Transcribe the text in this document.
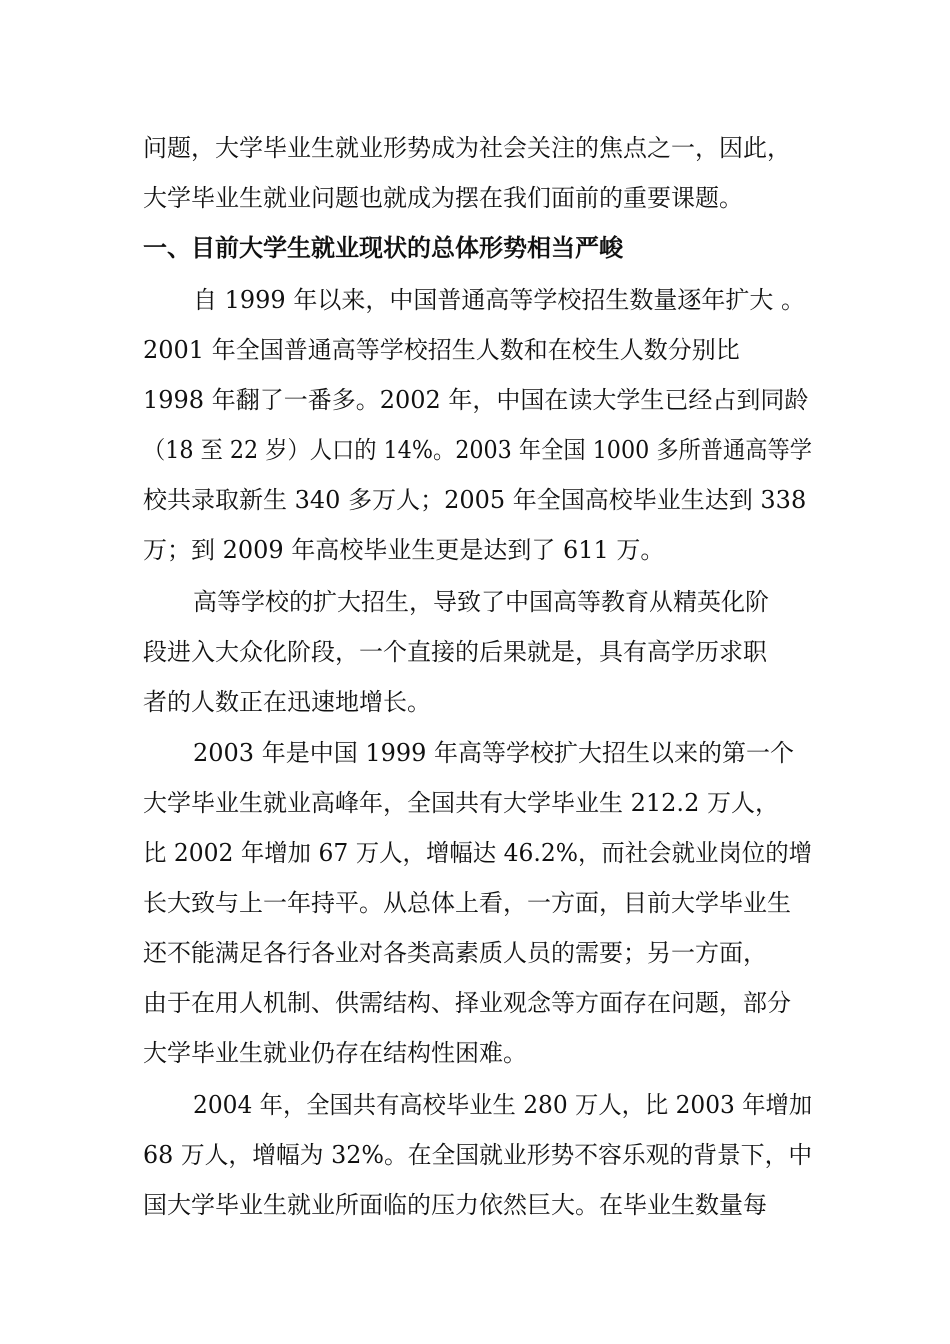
问题，大学毕业生就业形势成为社会关注的焦点之一，因此，

大学毕业生就业问题也就成为摆在我们面前的重要课题。

一、目前大学生就业现状的总体形势相当严峻

自 1999 年以来，中国普通高等学校招生数量逐年扩大 。

2001 年全国普通高等学校招生人数和在校生人数分别比

1998 年翻了一番多。2002 年，中国在读大学生已经占到同龄

（18 至 22 岁）人口的 14%。2003 年全国 1000 多所普通高等学

校共录取新生 340 多万人；2005 年全国高校毕业生达到 338

万；到 2009 年高校毕业生更是达到了 611 万。

高等学校的扩大招生，导致了中国高等教育从精英化阶

段进入大众化阶段，一个直接的后果就是，具有高学历求职

者的人数正在迅速地增长。

2003 年是中国 1999 年高等学校扩大招生以来的第一个

大学毕业生就业高峰年，全国共有大学毕业生 212.2 万人，

比 2002 年增加 67 万人，增幅达 46.2%，而社会就业岗位的增

长大致与上一年持平。从总体上看，一方面，目前大学毕业生

还不能满足各行各业对各类高素质人员的需要；另一方面，

由于在用人机制、供需结构、择业观念等方面存在问题，部分

大学毕业生就业仍存在结构性困难。

2004 年，全国共有高校毕业生 280 万人，比 2003 年增加

68 万人，增幅为 32%。在全国就业形势不容乐观的背景下，中

国大学毕业生就业所面临的压力依然巨大。在毕业生数量每
